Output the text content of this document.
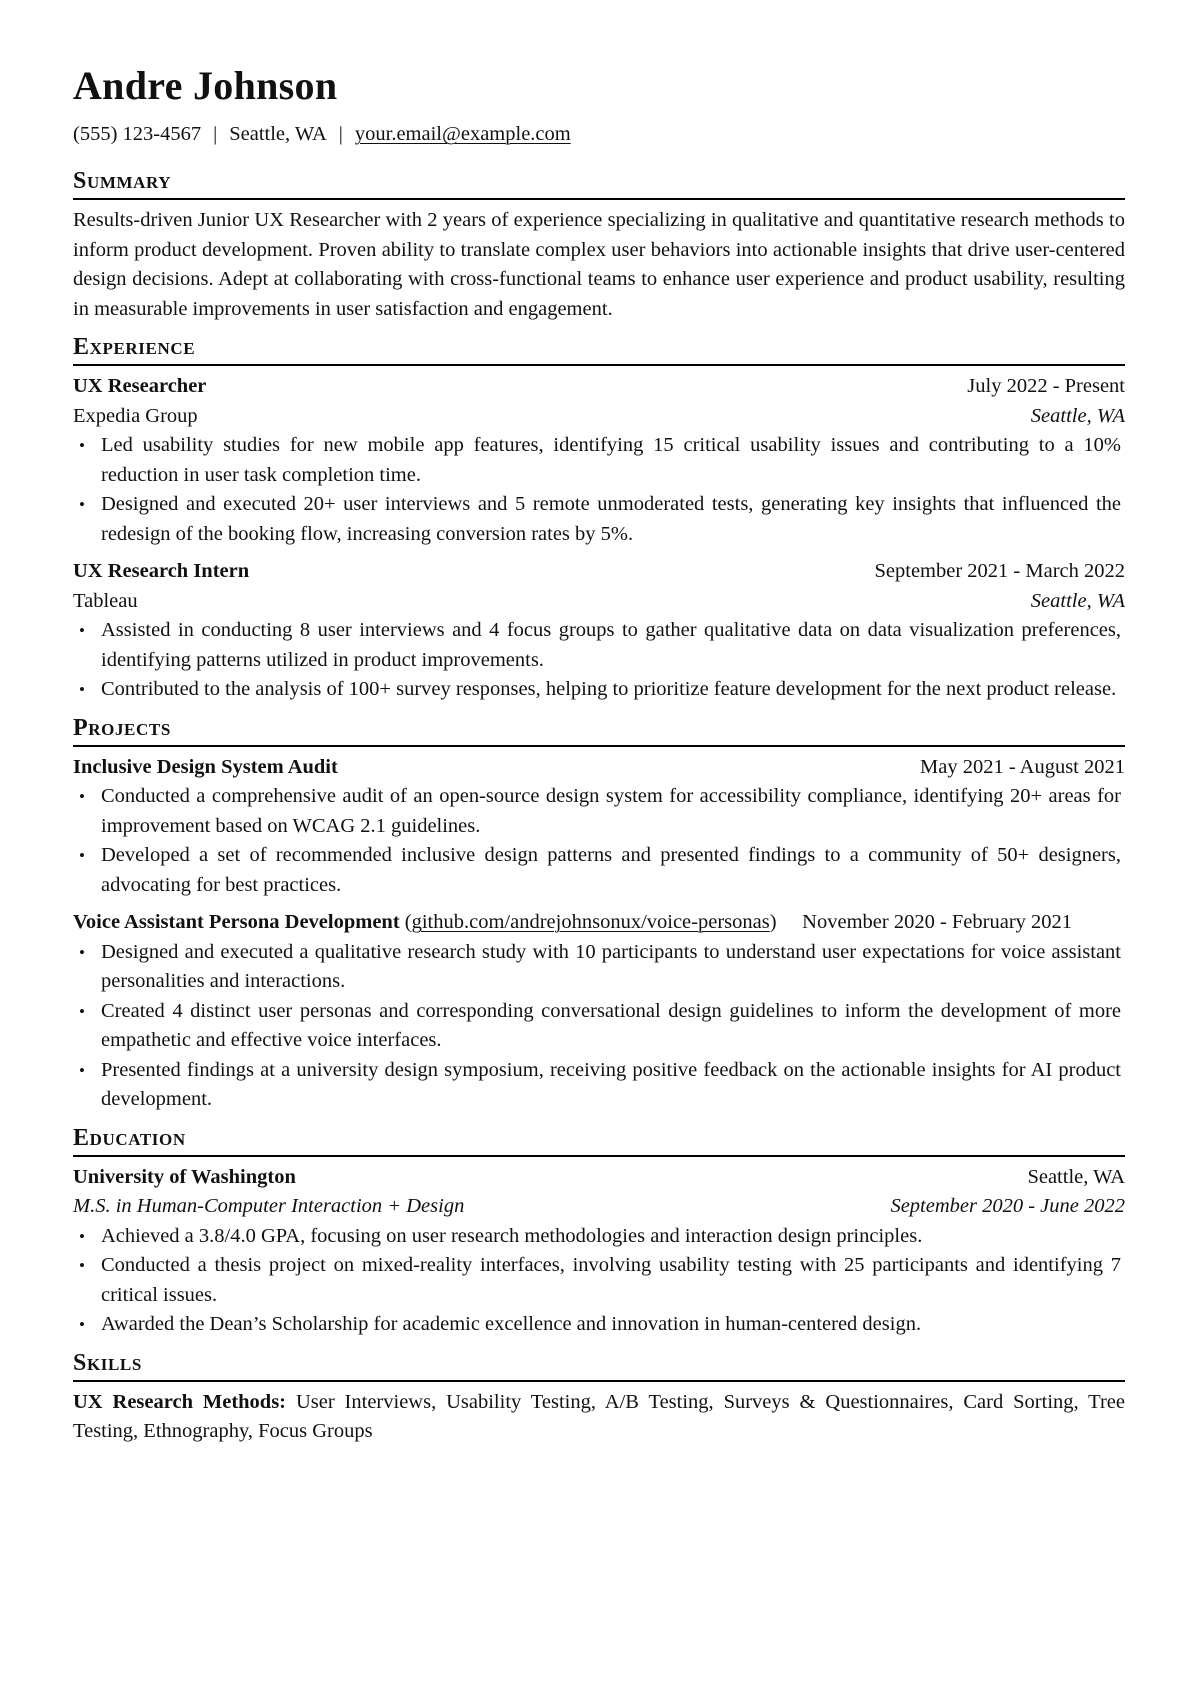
Andre Johnson
(555) 123-4567 | Seattle, WA | your.email@example.com
Summary

Results-driven Junior UX Researcher with 2 years of experience specializing in qualitative and quantitative research methods to inform product development. Proven ability to translate complex user behaviors into actionable insights that drive user-centered design decisions. Adept at collaborating with cross-functional teams to enhance user experience and product usability, resulting in measurable improvements in user satisfaction and engagement.

Experience
UX Researcher	July 2022 - Present
Expedia Group	Seattle, WA
• Led usability studies for new mobile app features, identifying 15 critical usability issues and contributing to a 10% reduction in user task completion time.
• Designed and executed 20+ user interviews and 5 remote unmoderated tests, generating key insights that influenced the redesign of the booking flow, increasing conversion rates by 5%.
UX Research Intern	September 2021 - March 2022
Tableau	Seattle, WA
• Assisted in conducting 8 user interviews and 4 focus groups to gather qualitative data on data visualization preferences, identifying patterns utilized in product improvements.
• Contributed to the analysis of 100+ survey responses, helping to prioritize feature development for the next product release.
Projects
Inclusive Design System Audit	May 2021 - August 2021
• Conducted a comprehensive audit of an open-source design system for accessibility compliance, identifying 20+ areas for improvement based on WCAG 2.1 guidelines.
• Developed a set of recommended inclusive design patterns and presented findings to a community of 50+ designers, advocating for best practices.
Voice Assistant Persona Development (github.com/andrejohnsonux/voice-personas)     November 2020 - February 2021
• Designed and executed a qualitative research study with 10 participants to understand user expectations for voice assistant personalities and interactions.
• Created 4 distinct user personas and corresponding conversational design guidelines to inform the development of more empathetic and effective voice interfaces.
• Presented findings at a university design symposium, receiving positive feedback on the actionable insights for AI product development.
Education
University of Washington	Seattle, WA
M.S. in Human-Computer Interaction + Design	September 2020 - June 2022
• Achieved a 3.8/4.0 GPA, focusing on user research methodologies and interaction design principles.
• Conducted a thesis project on mixed-reality interfaces, involving usability testing with 25 participants and identifying 7 critical issues.
• Awarded the Dean’s Scholarship for academic excellence and innovation in human-centered design.
Skills

UX Research Methods: User Interviews, Usability Testing, A/B Testing, Surveys & Questionnaires, Card Sorting, Tree Testing, Ethnography, Focus Groups
